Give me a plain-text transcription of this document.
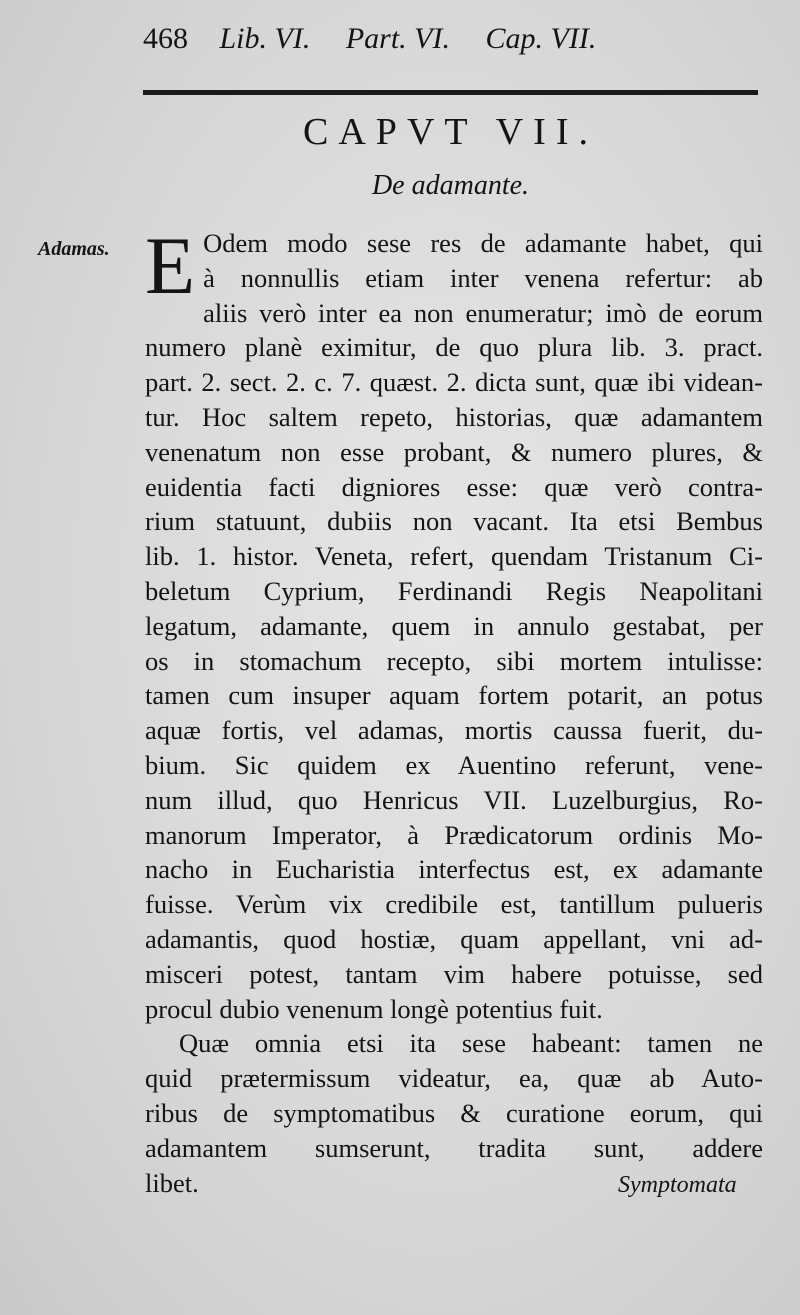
468 Lib. VI. Part. VI. Cap. VII.
CAPVT VII.
De adamante.
Adamas. E Odem modo sese res de adamante habet, qui
à nonnullis etiam inter venena refertur: ab
aliis verò inter ea non enumeratur; imò de eorum
numero planè eximitur, de quo plura lib. 3. pract.
part. 2. sect. 2. c. 7. quæst. 2. dicta sunt, quæ ibi videan-
tur. Hoc saltem repeto, historias, quæ adamantem
venenatum non esse probant, & numero plures, &
euidentia facti digniores esse: quæ verò contra-
rium statuunt, dubiis non vacant. Ita etsi Bembus
lib. 1. histor. Veneta, refert, quendam Tristanum Ci-
beletum Cyprium, Ferdinandi Regis Neapolitani
legatum, adamante, quem in annulo gestabat, per
os in stomachum recepto, sibi mortem intulisse:
tamen cum insuper aquam fortem potarit, an potus
aquæ fortis, vel adamas, mortis caussa fuerit, du-
bium. Sic quidem ex Auentino referunt, vene-
num illud, quo Henricus VII. Luzelburgius, Ro-
manorum Imperator, à Prædicatorum ordinis Mo-
nacho in Eucharistia interfectus est, ex adamante
fuisse. Verùm vix credibile est, tantillum pulueris
adamantis, quod hostiæ, quam appellant, vni ad-
misceri potest, tantam vim habere potuisse, sed
procul dubio venenum longè potentius fuit.
Quæ omnia etsi ita sese habeant: tamen ne
quid prætermissum videatur, ea, quæ ab Auto-
ribus de symptomatibus & curatione eorum, qui
adamantem sumserunt, tradita sunt, addere
libet.	Symptomata
